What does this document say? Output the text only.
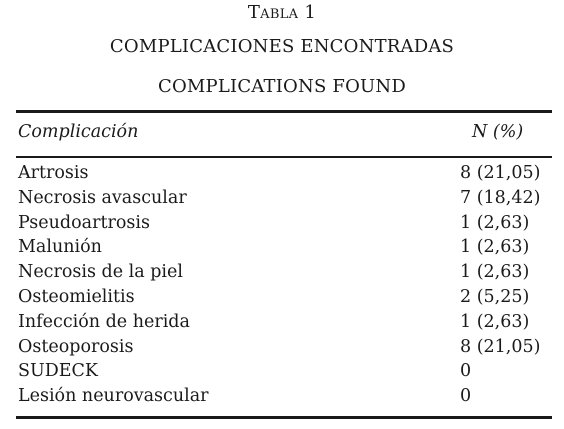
Tabla 1
COMPLICACIONES ENCONTRADAS
COMPLICATIONS FOUND
Complicación	N (%)
Artrosis	8 (21,05)
Necrosis avascular	7 (18,42)
Pseudoartrosis	1 (2,63)
Malunión	1 (2,63)
Necrosis de la piel	1 (2,63)
Osteomielitis	2 (5,25)
Infección de herida	1 (2,63)
Osteoporosis	8 (21,05)
SUDECK	0
Lesión neurovascular	0
